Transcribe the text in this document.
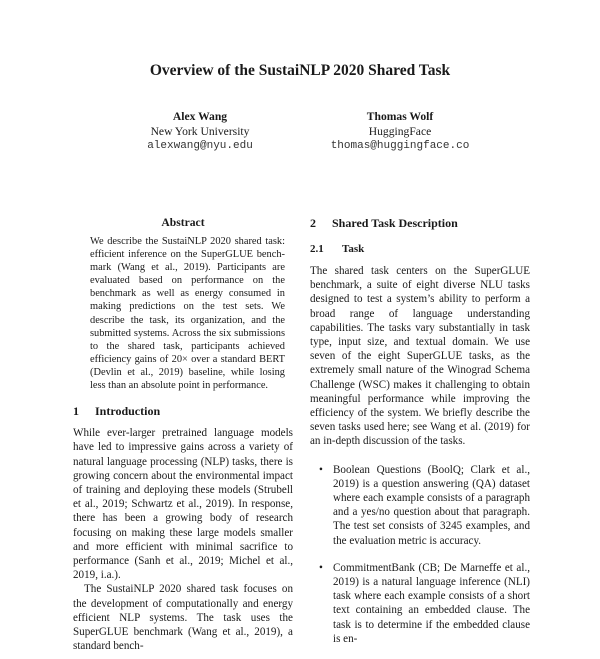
Overview of the SustaiNLP 2020 Shared Task
Alex Wang
New York University
alexwang@nyu.edu
Thomas Wolf
HuggingFace
thomas@huggingface.co
Abstract

We describe the SustaiNLP 2020 shared task: efficient inference on the SuperGLUE benchmark (Wang et al., 2019). Participants are evaluated based on performance on the benchmark as well as energy consumed in making predictions on the test sets. We describe the task, its organization, and the submitted systems. Across the six submissions to the shared task, participants achieved efficiency gains of 20× over a standard BERT (Devlin et al., 2019) baseline, while losing less than an absolute point in performance.

1	Introduction

While ever-larger pretrained language models have led to impressive gains across a variety of natural language processing (NLP) tasks, there is growing concern about the environmental impact of training and deploying these models (Strubell et al., 2019; Schwartz et al., 2019). In response, there has been a growing body of research focusing on making these large models smaller and more efficient with minimal sacrifice to performance (Sanh et al., 2019; Michel et al., 2019, i.a.).

The SustaiNLP 2020 shared task focuses on the development of computationally and energy efficient NLP systems. The task uses the SuperGLUE benchmark (Wang et al., 2019), a standard bench-

2	Shared Task Description
2.1	Task

The shared task centers on the SuperGLUE benchmark, a suite of eight diverse NLU tasks designed to test a system’s ability to perform a broad range of language understanding capabilities. The tasks vary substantially in task type, input size, and textual domain. We use seven of the eight SuperGLUE tasks, as the extremely small nature of the Winograd Schema Challenge (WSC) makes it challenging to obtain meaningful performance while improving the efficiency of the system. We briefly describe the seven tasks used here; see Wang et al. (2019) for an in-depth discussion of the tasks.

• Boolean Questions (BoolQ; Clark et al., 2019) is a question answering (QA) dataset where each example consists of a paragraph and a yes/no question about that paragraph. The test set consists of 3245 examples, and the evaluation metric is accuracy.
• CommitmentBank (CB; De Marneffe et al., 2019) is a natural language inference (NLI) task where each example consists of a short text containing an embedded clause. The task is to determine if the embedded clause is en-
